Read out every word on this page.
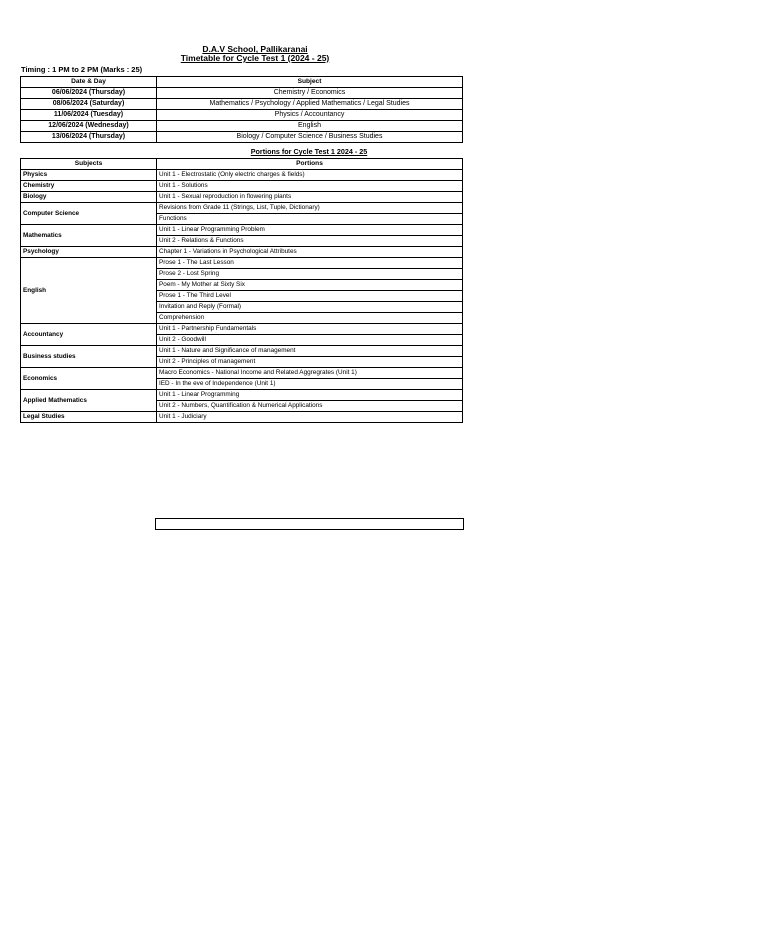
D.A.V School, Pallikaranai
Timetable for Cycle Test 1 (2024 - 25)
Timing : 1 PM to 2 PM (Marks : 25)
Date & Day	Subject
06/06/2024 (Thursday)	Chemistry / Economics
08/06/2024 (Saturday)	Mathematics / Psychology / Applied Mathematics / Legal Studies
11/06/2024 (Tuesday)	Physics / Accountancy
12/06/2024 (Wednesday)	English
13/06/2024 (Thursday)	Biology / Computer Science / Business Studies
Portions for Cycle Test 1 2024 - 25
Subjects	Portions
Physics	Unit 1 - Electrostatic (Only electric charges & fields)
Chemistry	Unit 1 - Solutions
Biology	Unit 1 - Sexual reproduction in flowering plants
Computer Science	Revisions from Grade 11 (Strings, List, Tuple, Dictionary)
	Functions
Mathematics	Unit 1 - Linear Programming Problem
	Unit 2 - Relations & Functions
Psychology	Chapter 1 - Variations in Psychological Attributes
English	Prose 1 - The Last Lesson
	Prose 2 - Lost Spring
	Poem - My Mother at Sixty Six
	Prose 1 - The Third Level
	Invitation and Reply (Formal)
	Comprehension
Accountancy	Unit 1 - Partnership Fundamentals
	Unit 2 - Goodwill
Business studies	Unit 1 - Nature and Significance of management
	Unit 2 - Principles of management
Economics	Macro Economics - National Income and Related Aggregrates (Unit 1)
	IED - In the eve of Independence (Unit 1)
Applied Mathematics	Unit 1 - Linear Programming
	Unit 2 - Numbers, Quantification & Numerical Applications
Legal Studies	Unit 1 - Judiciary
